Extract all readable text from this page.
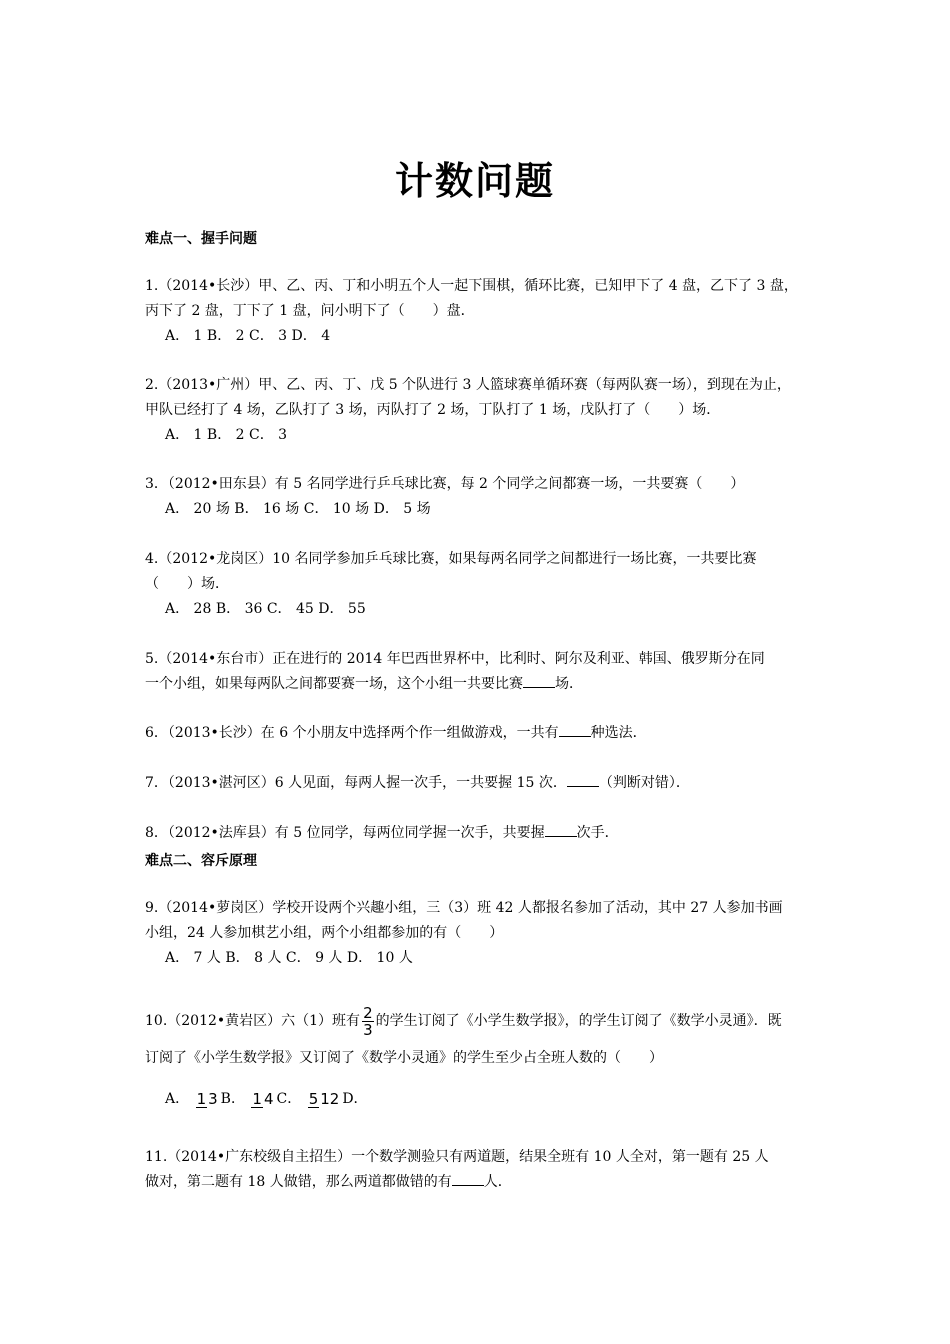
计数问题
难点一、握手问题
1.（2014•长沙）甲、乙、丙、丁和小明五个人一起下围棋，循环比赛，已知甲下了 4 盘，乙下了 3 盘，
丙下了 2 盘，丁下了 1 盘，问小明下了（　　）盘．
A． 1 B． 2 C． 3 D． 4
2.（2013•广州）甲、乙、丙、丁、戊 5 个队进行 3 人篮球赛单循环赛（每两队赛一场），到现在为止，
甲队已经打了 4 场，乙队打了 3 场，丙队打了 2 场，丁队打了 1 场，戊队打了（　　）场．
A． 1 B． 2 C． 3
3．（2012•田东县）有 5 名同学进行乒乓球比赛，每 2 个同学之间都赛一场，一共要赛（　　）
A． 20 场 B． 16 场 C． 10 场 D． 5 场
4.（2012•龙岗区）10 名同学参加乒乓球比赛，如果每两名同学之间都进行一场比赛，一共要比赛
（　　）场．
A． 28 B． 36 C． 45 D． 55
5.（2014•东台市）正在进行的 2014 年巴西世界杯中，比利时、阿尔及利亚、韩国、俄罗斯分在同
一个小组，如果每两队之间都要赛一场，这个小组一共要比赛 场．
6．（2013•长沙）在 6 个小朋友中选择两个作一组做游戏，一共有 种选法．
7．（2013•湛河区）6 人见面，每两人握一次手，一共要握 15 次． （判断对错）．
8．（2012•法库县）有 5 位同学，每两位同学握一次手，共要握 次手．
难点二、容斥原理
9.（2014•萝岗区）学校开设两个兴趣小组，三（3）班 42 人都报名参加了活动，其中 27 人参加书画
小组，24 人参加棋艺小组，两个小组都参加的有（　　）
A． 7 人 B． 8 人 C． 9 人 D． 10 人
10.（2012•黄岩区）六（1）班有 $\frac{2}{3}$ 的学生订阅了《小学生数学报》，的学生订阅了《数学小灵通》．既
订阅了《小学生数学报》又订阅了《数学小灵通》的学生至少占全班人数的（　　）
A． 1 3 B． 1 4 C． 5 12 D．
11.（2014•广东校级自主招生）一个数学测验只有两道题，结果全班有 10 人全对，第一题有 25 人
做对，第二题有 18 人做错，那么两道都做错的有 人．
